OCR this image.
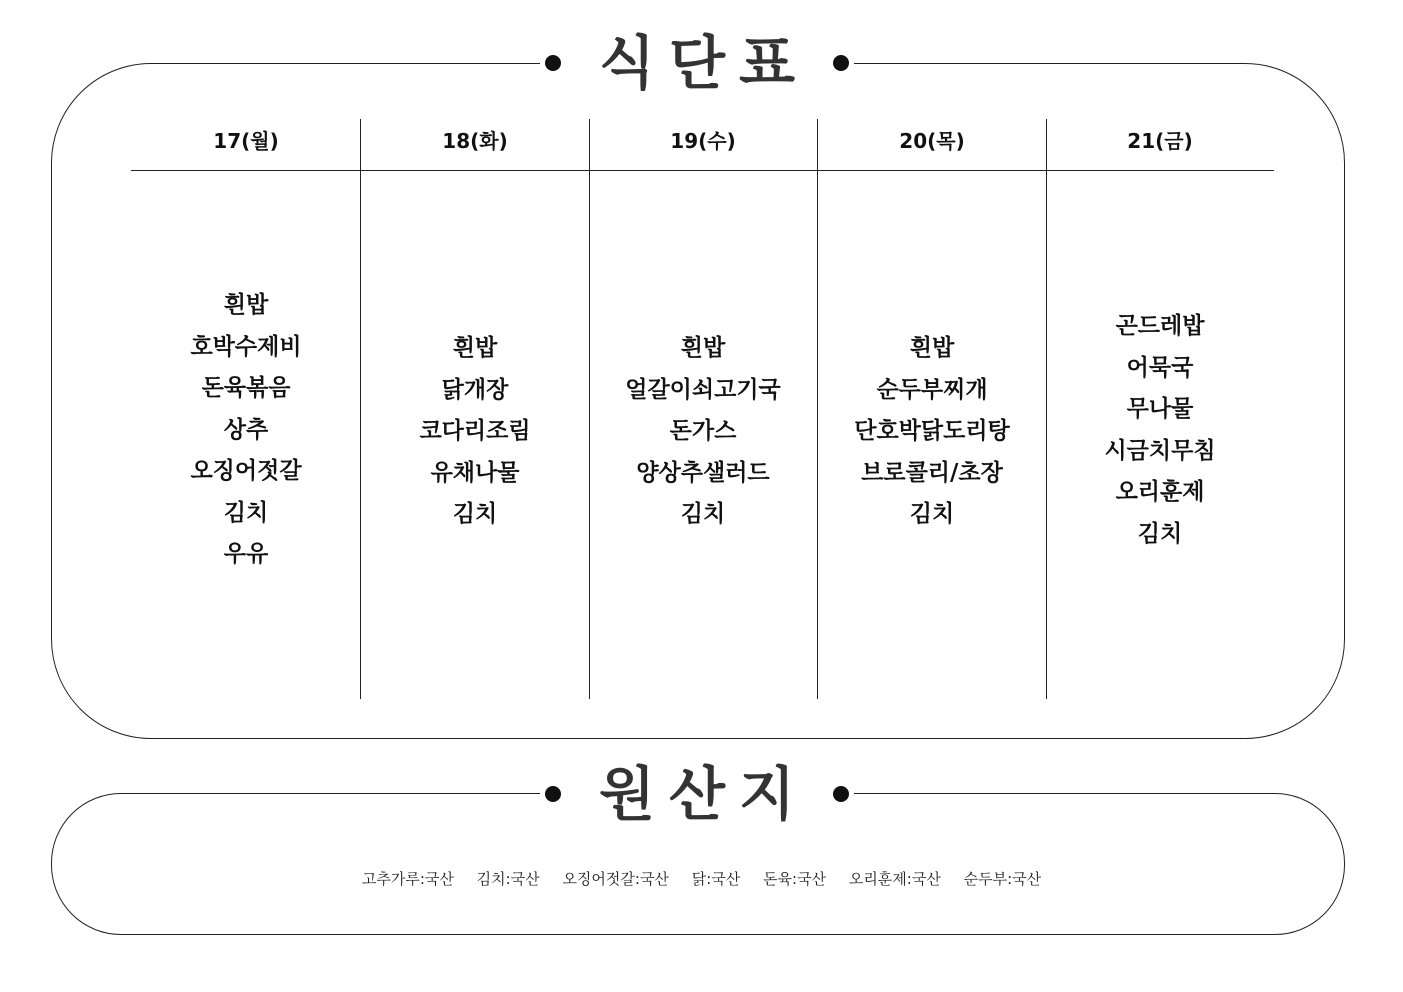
식단표
17(월)
흰밥
호박수제비
돈육볶음
상추
오징어젓갈
김치
우유
18(화)
흰밥
닭개장
코다리조림
유채나물
김치
19(수)
흰밥
얼갈이쇠고기국
돈가스
양상추샐러드
김치
20(목)
흰밥
순두부찌개
단호박닭도리탕
브로콜리/초장
김치
21(금)
곤드레밥
어묵국
무나물
시금치무침
오리훈제
김치
원산지
고추가루:국산 김치:국산 오징어젓갈:국산 닭:국산 돈육:국산 오리훈제:국산 순두부:국산
